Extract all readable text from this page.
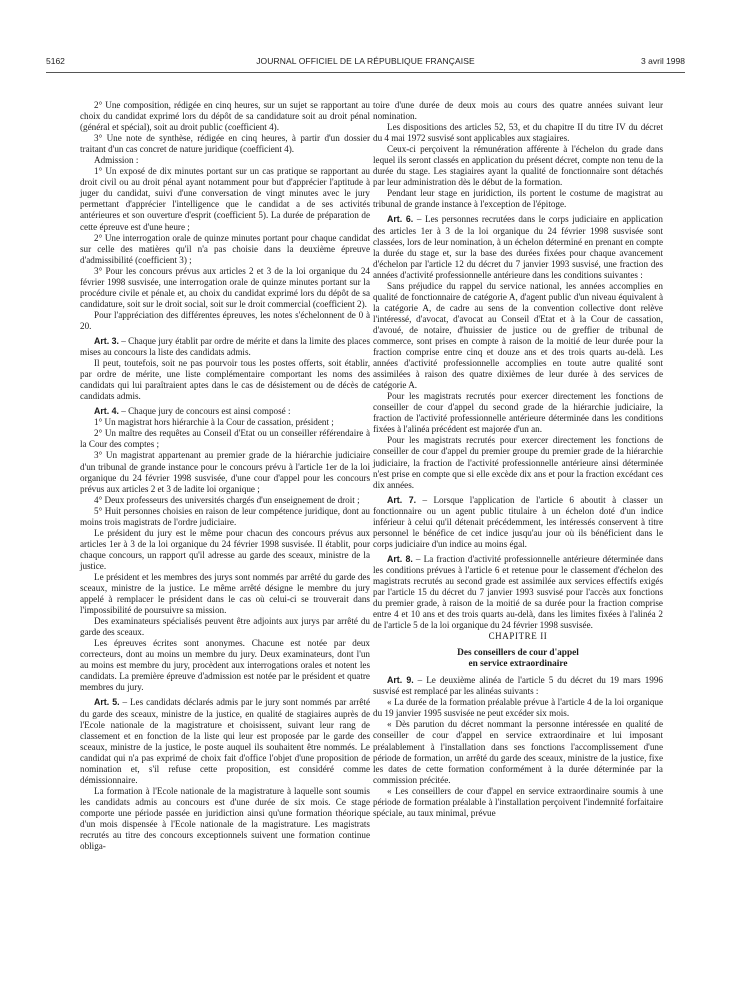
5162	JOURNAL OFFICIEL DE LA RÉPUBLIQUE FRANÇAISE	3 avril 1998

2° Une composition, rédigée en cinq heures, sur un sujet se rapportant au choix du candidat exprimé lors du dépôt de sa candidature soit au droit pénal (général et spécial), soit au droit public (coefficient 4).

3° Une note de synthèse, rédigée en cinq heures, à partir d'un dossier traitant d'un cas concret de nature juridique (coefficient 4).

Admission :

1° Un exposé de dix minutes portant sur un cas pratique se rapportant au droit civil ou au droit pénal ayant notamment pour but d'apprécier l'aptitude à juger du candidat, suivi d'une conversation de vingt minutes avec le jury permettant d'apprécier l'intelligence que le candidat a de ses activités antérieures et son ouverture d'esprit (coefficient 5). La durée de préparation de cette épreuve est d'une heure ;

2° Une interrogation orale de quinze minutes portant pour chaque candidat sur celle des matières qu'il n'a pas choisie dans la deuxième épreuve d'admissibilité (coefficient 3) ;

3° Pour les concours prévus aux articles 2 et 3 de la loi organique du 24 février 1998 susvisée, une interrogation orale de quinze minutes portant sur la procédure civile et pénale et, au choix du candidat exprimé lors du dépôt de sa candidature, soit sur le droit social, soit sur le droit commercial (coefficient 2).

Pour l'appréciation des différentes épreuves, les notes s'échelonnent de 0 à 20.

Art. 3. – Chaque jury établit par ordre de mérite et dans la limite des places mises au concours la liste des candidats admis.

Il peut, toutefois, soit ne pas pourvoir tous les postes offerts, soit établir, par ordre de mérite, une liste complémentaire comportant les noms des candidats qui lui paraîtraient aptes dans le cas de désistement ou de décès de candidats admis.

Art. 4. – Chaque jury de concours est ainsi composé :

1° Un magistrat hors hiérarchie à la Cour de cassation, président ;

2° Un maître des requêtes au Conseil d'Etat ou un conseiller référendaire à la Cour des comptes ;

3° Un magistrat appartenant au premier grade de la hiérarchie judiciaire d'un tribunal de grande instance pour le concours prévu à l'article 1er de la loi organique du 24 février 1998 susvisée, d'une cour d'appel pour les concours prévus aux articles 2 et 3 de ladite loi organique ;

4° Deux professeurs des universités chargés d'un enseignement de droit ;

5° Huit personnes choisies en raison de leur compétence juridique, dont au moins trois magistrats de l'ordre judiciaire.

Le président du jury est le même pour chacun des concours prévus aux articles 1er à 3 de la loi organique du 24 février 1998 susvisée. Il établit, pour chaque concours, un rapport qu'il adresse au garde des sceaux, ministre de la justice.

Le président et les membres des jurys sont nommés par arrêté du garde des sceaux, ministre de la justice. Le même arrêté désigne le membre du jury appelé à remplacer le président dans le cas où celui-ci se trouverait dans l'impossibilité de poursuivre sa mission.

Des examinateurs spécialisés peuvent être adjoints aux jurys par arrêté du garde des sceaux.

Les épreuves écrites sont anonymes. Chacune est notée par deux correcteurs, dont au moins un membre du jury. Deux examinateurs, dont l'un au moins est membre du jury, procèdent aux interrogations orales et notent les candidats. La première épreuve d'admission est notée par le président et quatre membres du jury.

Art. 5. – Les candidats déclarés admis par le jury sont nommés par arrêté du garde des sceaux, ministre de la justice, en qualité de stagiaires auprès de l'Ecole nationale de la magistrature et choisissent, suivant leur rang de classement et en fonction de la liste qui leur est proposée par le garde des sceaux, ministre de la justice, le poste auquel ils souhaitent être nommés. Le candidat qui n'a pas exprimé de choix fait d'office l'objet d'une proposition de nomination et, s'il refuse cette proposition, est considéré comme démissionnaire.

La formation à l'Ecole nationale de la magistrature à laquelle sont soumis les candidats admis au concours est d'une durée de six mois. Ce stage comporte une période passée en juridiction ainsi qu'une formation théorique d'un mois dispensée à l'Ecole nationale de la magistrature. Les magistrats recrutés au titre des concours exceptionnels suivent une formation continue obliga-

toire d'une durée de deux mois au cours des quatre années suivant leur nomination.

Les dispositions des articles 52, 53, et du chapitre II du titre IV du décret du 4 mai 1972 susvisé sont applicables aux stagiaires.

Ceux-ci perçoivent la rémunération afférente à l'échelon du grade dans lequel ils seront classés en application du présent décret, compte non tenu de la durée du stage. Les stagiaires ayant la qualité de fonctionnaire sont détachés par leur administration dès le début de la formation.

Pendant leur stage en juridiction, ils portent le costume de magistrat au tribunal de grande instance à l'exception de l'épitoge.

Art. 6. – Les personnes recrutées dans le corps judiciaire en application des articles 1er à 3 de la loi organique du 24 février 1998 susvisée sont classées, lors de leur nomination, à un échelon déterminé en prenant en compte la durée du stage et, sur la base des durées fixées pour chaque avancement d'échelon par l'article 12 du décret du 7 janvier 1993 susvisé, une fraction des années d'activité professionnelle antérieure dans les conditions suivantes :

Sans préjudice du rappel du service national, les années accomplies en qualité de fonctionnaire de catégorie A, d'agent public d'un niveau équivalent à la catégorie A, de cadre au sens de la convention collective dont relève l'intéressé, d'avocat, d'avocat au Conseil d'Etat et à la Cour de cassation, d'avoué, de notaire, d'huissier de justice ou de greffier de tribunal de commerce, sont prises en compte à raison de la moitié de leur durée pour la fraction comprise entre cinq et douze ans et des trois quarts au-delà. Les années d'activité professionnelle accomplies en toute autre qualité sont assimilées à raison des quatre dixièmes de leur durée à des services de catégorie A.

Pour les magistrats recrutés pour exercer directement les fonctions de conseiller de cour d'appel du second grade de la hiérarchie judiciaire, la fraction de l'activité professionnelle antérieure déterminée dans les conditions fixées à l'alinéa précédent est majorée d'un an.

Pour les magistrats recrutés pour exercer directement les fonctions de conseiller de cour d'appel du premier groupe du premier grade de la hiérarchie judiciaire, la fraction de l'activité professionnelle antérieure ainsi déterminée n'est prise en compte que si elle excède dix ans et pour la fraction excédant ces dix années.

Art. 7. – Lorsque l'application de l'article 6 aboutit à classer un fonctionnaire ou un agent public titulaire à un échelon doté d'un indice inférieur à celui qu'il détenait précédemment, les intéressés conservent à titre personnel le bénéfice de cet indice jusqu'au jour où ils bénéficient dans le corps judiciaire d'un indice au moins égal.

Art. 8. – La fraction d'activité professionnelle antérieure déterminée dans les conditions prévues à l'article 6 et retenue pour le classement d'échelon des magistrats recrutés au second grade est assimilée aux services effectifs exigés par l'article 15 du décret du 7 janvier 1993 susvisé pour l'accès aux fonctions du premier grade, à raison de la moitié de sa durée pour la fraction comprise entre 4 et 10 ans et des trois quarts au-delà, dans les limites fixées à l'alinéa 2 de l'article 5 de la loi organique du 24 février 1998 susvisée.

CHAPITRE II

Des conseillers de cour d'appel

en service extraordinaire

Art. 9. – Le deuxième alinéa de l'article 5 du décret du 19 mars 1996 susvisé est remplacé par les alinéas suivants :

« La durée de la formation préalable prévue à l'article 4 de la loi organique du 19 janvier 1995 susvisée ne peut excéder six mois.

« Dès parution du décret nommant la personne intéressée en qualité de conseiller de cour d'appel en service extraordinaire et lui imposant préalablement à l'installation dans ses fonctions l'accomplissement d'une période de formation, un arrêté du garde des sceaux, ministre de la justice, fixe les dates de cette formation conformément à la durée déterminée par la commission précitée.

« Les conseillers de cour d'appel en service extraordinaire soumis à une période de formation préalable à l'installation perçoivent l'indemnité forfaitaire spéciale, au taux minimal, prévue
